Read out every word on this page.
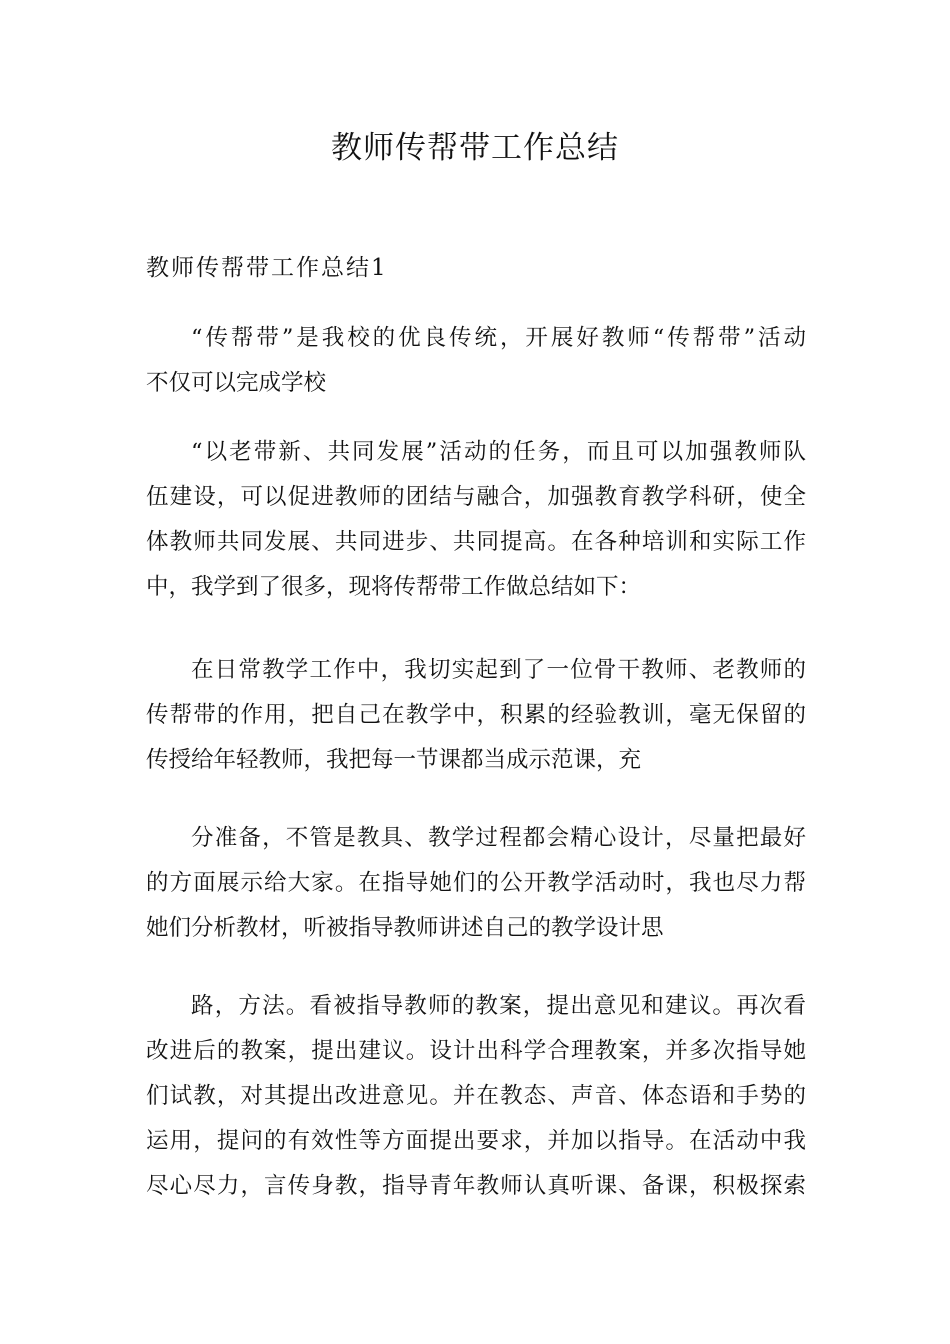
教师传帮带工作总结
教师传帮带工作总结1

“传帮带”是我校的优良传统，开展好教师“传帮带”活动
不仅可以完成学校

“以老带新、共同发展”活动的任务，而且可以加强教师队
伍建设，可以促进教师的团结与融合，加强教育教学科研，使全
体教师共同发展、共同进步、共同提高。在各种培训和实际工作
中，我学到了很多，现将传帮带工作做总结如下：

在日常教学工作中，我切实起到了一位骨干教师、老教师的
传帮带的作用，把自己在教学中，积累的经验教训，毫无保留的
传授给年轻教师，我把每一节课都当成示范课，充

分准备，不管是教具、教学过程都会精心设计，尽量把最好
的方面展示给大家。在指导她们的公开教学活动时，我也尽力帮
她们分析教材，听被指导教师讲述自己的教学设计思

路，方法。看被指导教师的教案，提出意见和建议。再次看
改进后的教案，提出建议。设计出科学合理教案，并多次指导她
们试教，对其提出改进意见。并在教态、声音、体态语和手势的
运用，提问的有效性等方面提出要求，并加以指导。在活动中我
尽心尽力，言传身教，指导青年教师认真听课、备课，积极探索
